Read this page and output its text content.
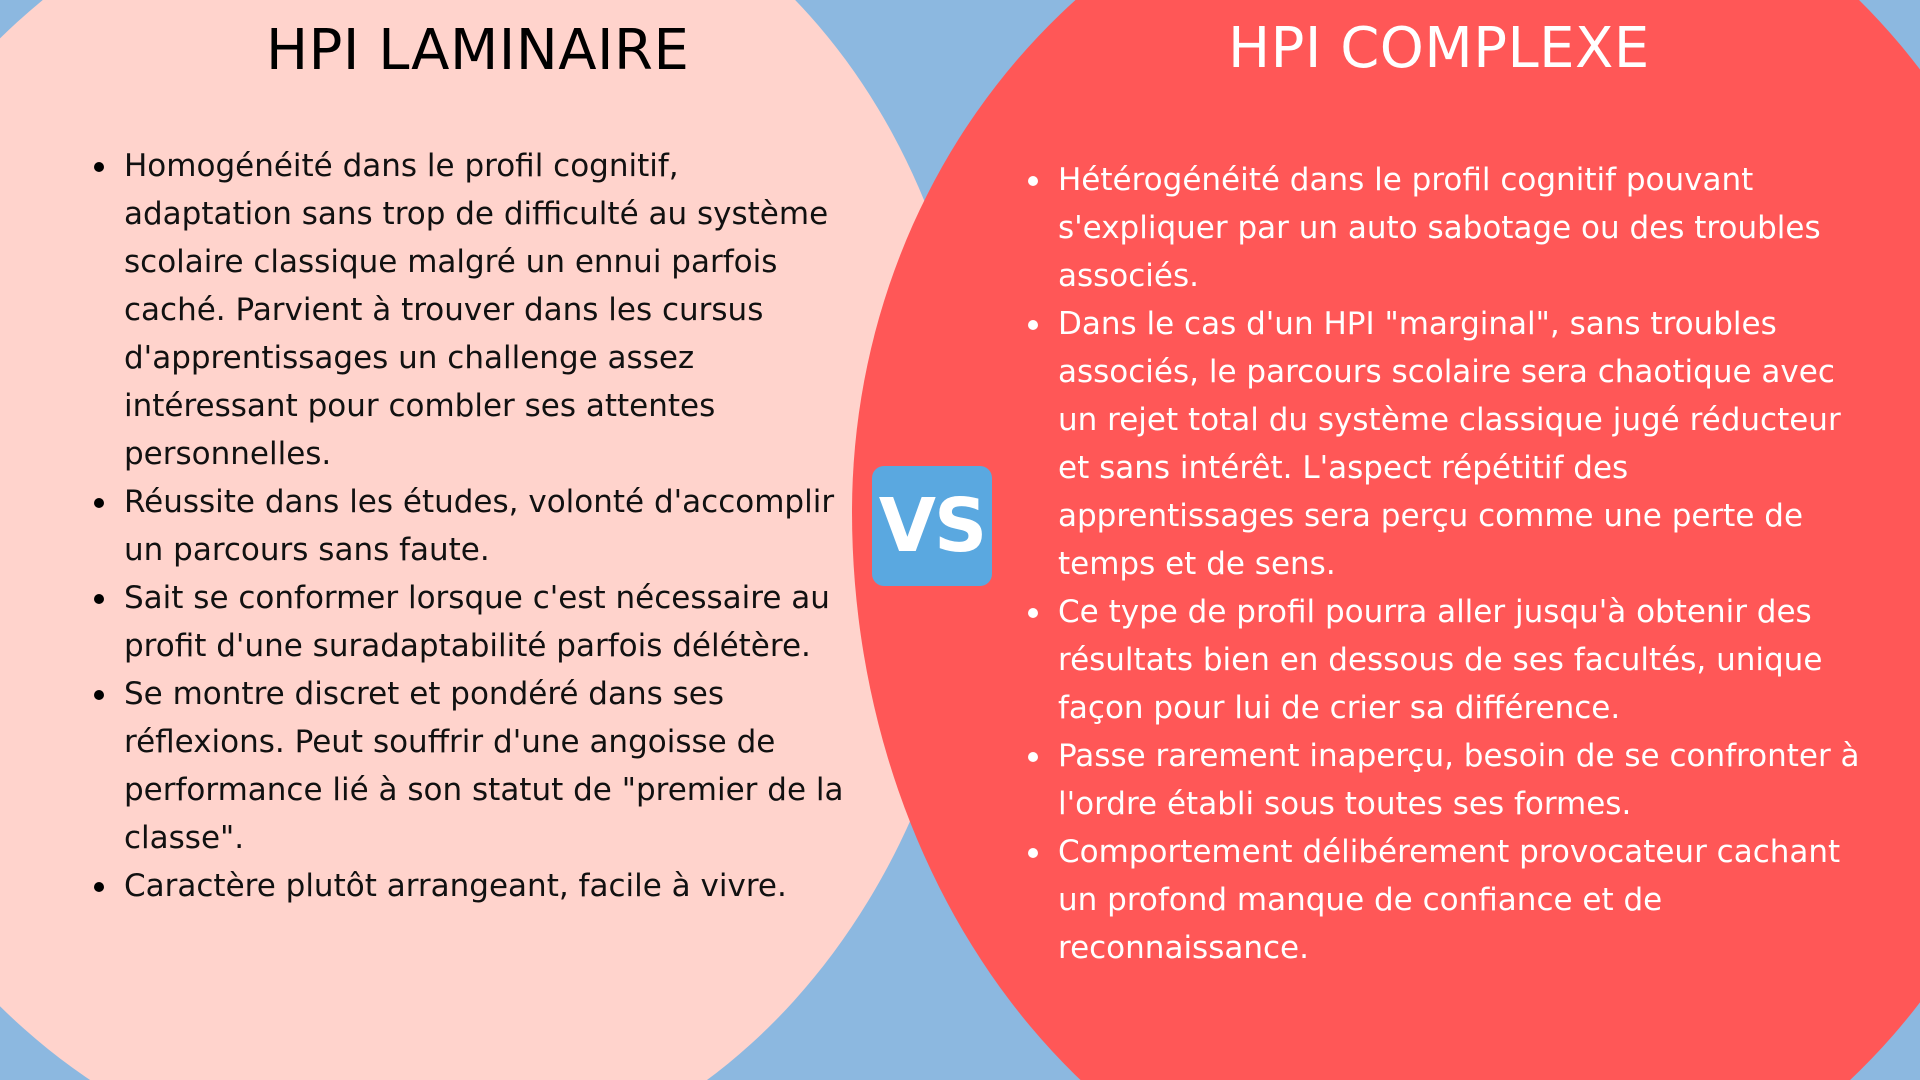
HPI LAMINAIRE
Homogénéité dans le profil cognitif, adaptation sans trop de difficulté au système scolaire classique malgré un ennui parfois caché. Parvient à trouver dans les cursus d'apprentissages un challenge assez intéressant pour combler ses attentes personnelles.
Réussite dans les études, volonté d'accomplir un parcours sans faute.
Sait se conformer lorsque c'est nécessaire au profit d'une suradaptabilité parfois délétère.
Se montre discret et pondéré dans ses réflexions. Peut souffrir d'une angoisse de performance lié à son statut de "premier de la classe".
Caractère plutôt arrangeant, facile à vivre.
VS
HPI COMPLEXE
Hétérogénéité dans le profil cognitif pouvant s'expliquer par un auto sabotage ou des troubles associés.
Dans le cas d'un HPI "marginal", sans troubles associés, le parcours scolaire sera chaotique avec un rejet total du système classique jugé réducteur et sans intérêt. L'aspect répétitif des apprentissages sera perçu comme une perte de temps et de sens.
Ce type de profil pourra aller jusqu'à obtenir des résultats bien en dessous de ses facultés, unique façon pour lui de crier sa différence.
Passe rarement inaperçu, besoin de se confronter à l'ordre établi sous toutes ses formes.
Comportement délibérement provocateur cachant un profond manque de confiance et de reconnaissance.
